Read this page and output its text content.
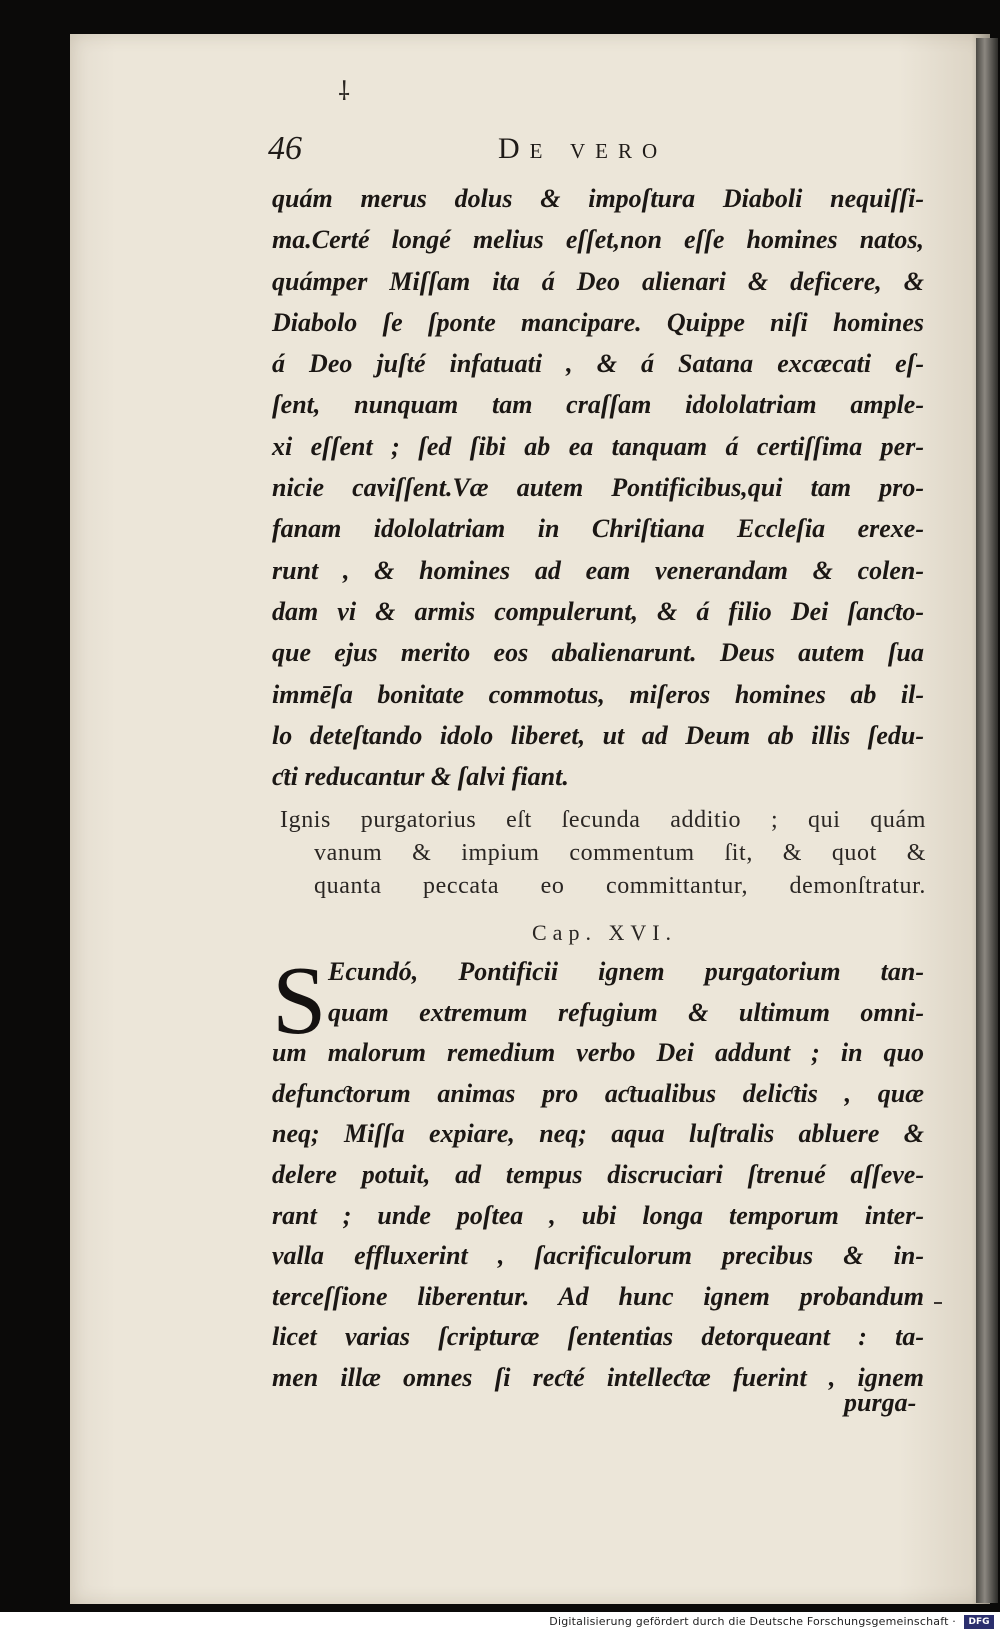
⸸
46	De vero
quám merus dolus & impoſtura Diaboli nequiſſi-
ma.Certé longé melius eſſet,non eſſe homines natos,
quámper Miſſam ita á Deo alienari & deficere, &
Diabolo ſe ſponte mancipare. Quippe niſi homines
á Deo juſté infatuati , & á Satana excæcati eſ-
ſent, nunquam tam craſſam idololatriam ample-
xi eſſent ; ſed ſibi ab ea tanquam á certiſſima per-
nicie caviſſent.Væ autem Pontificibus,qui tam pro-
fanam idololatriam in Chriſtiana Eccleſia erexe-
runt , & homines ad eam venerandam & colen-
dam vi & armis compulerunt, & á filio Dei ſanƈto-
que ejus merito eos abalienarunt. Deus autem ſua
immēſa bonitate commotus, miſeros homines ab il-
lo deteſtando idolo liberet, ut ad Deum ab illis ſedu-
ƈti reducantur & ſalvi fiant.
Ignis purgatorius eſt ſecunda additio ; qui quám
vanum & impium commentum ſit, & quot &
quanta peccata eo committantur, demonſtratur.
Cap. XVI.
S Ecundó, Pontificii ignem purgatorium tan-
quam extremum refugium & ultimum omni-
um malorum remedium verbo Dei addunt ; in quo
defunƈtorum animas pro aƈtualibus deliƈtis , quæ
neq; Miſſa expiare, neq; aqua luſtralis abluere &
delere potuit, ad tempus discruciari ſtrenué aſſeve-
rant ; unde poſtea , ubi longa temporum inter-
valla effluxerint , ſacrificulorum precibus & in-
terceſſione liberentur. Ad hunc ignem probandum
licet varias ſcripturæ ſententias detorqueant : ta-
men illæ omnes ſi reƈté intelleƈtæ fuerint , ignem
purga-
Digitalisierung gefördert durch die Deutsche Forschungsgemeinschaft ·	DFG
